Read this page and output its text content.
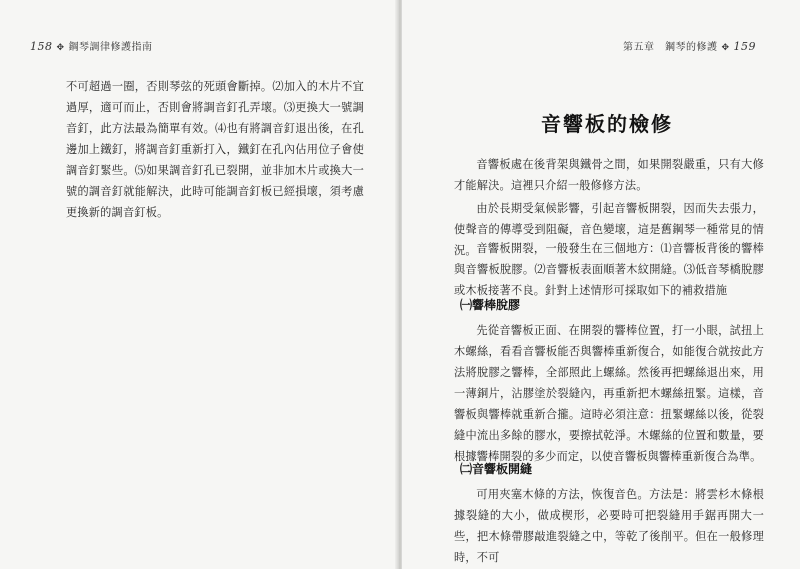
158 ✥ 鋼琴調律修護指南
不可超過一圈，否則琴弦的死頭會斷掉。⑵加入的木片不宜過厚，適可而止，否則會將調音釘孔弄壞。⑶更換大一號調音釘，此方法最為簡單有效。⑷也有將調音釘退出後，在孔邊加上鐵釘，將調音釘重新打入，鐵釘在孔內佔用位子會使調音釘緊些。⑸如果調音釘孔已裂開，並非加木片或換大一號的調音釘就能解決，此時可能調音釘板已經損壞，須考慮更換新的調音釘板。
第五章　鋼琴的修護 ✥ 159
音響板的檢修
音響板處在後背架與鐵骨之間，如果開裂嚴重，只有大修才能解決。這裡只介紹一般修修方法。
由於長期受氣候影響，引起音響板開裂，因而失去張力，使聲音的傳導受到阻礙，音色變壞，這是舊鋼琴一種常見的情況。 音響板開裂，一般發生在三個地方：⑴音響板背後的響棒與音響板脫膠。⑵音響板表面順著木紋開縫。⑶低音琴橋脫膠或木板接著不良。針對上述情形可採取如下的補救措施
㈠響棒脫膠
先從音響板正面、在開裂的響棒位置，打一小眼，試扭上木螺絲，看看音響板能否與響棒重新復合，如能復合就按此方法將脫膠之響棒，全部照此上螺絲。然後再把螺絲退出來，用一薄銅片，沾膠塗於裂縫內，再重新把木螺絲扭緊。這樣，音響板與響棒就重新合攏。這時必須注意：扭緊螺絲以後，從裂縫中流出多餘的膠水，要擦拭乾淨。木螺絲的位置和數量，要根據響棒開裂的多少而定，以使音響板與響棒重新復合為準。
㈡音響板開縫
可用夾塞木條的方法，恢復音色。方法是：將雲杉木條根據裂縫的大小，做成楔形，必要時可把裂縫用手鋸再開大一些，把木條帶膠敲進裂縫之中，等乾了後削平。但在一般修理時，不可
